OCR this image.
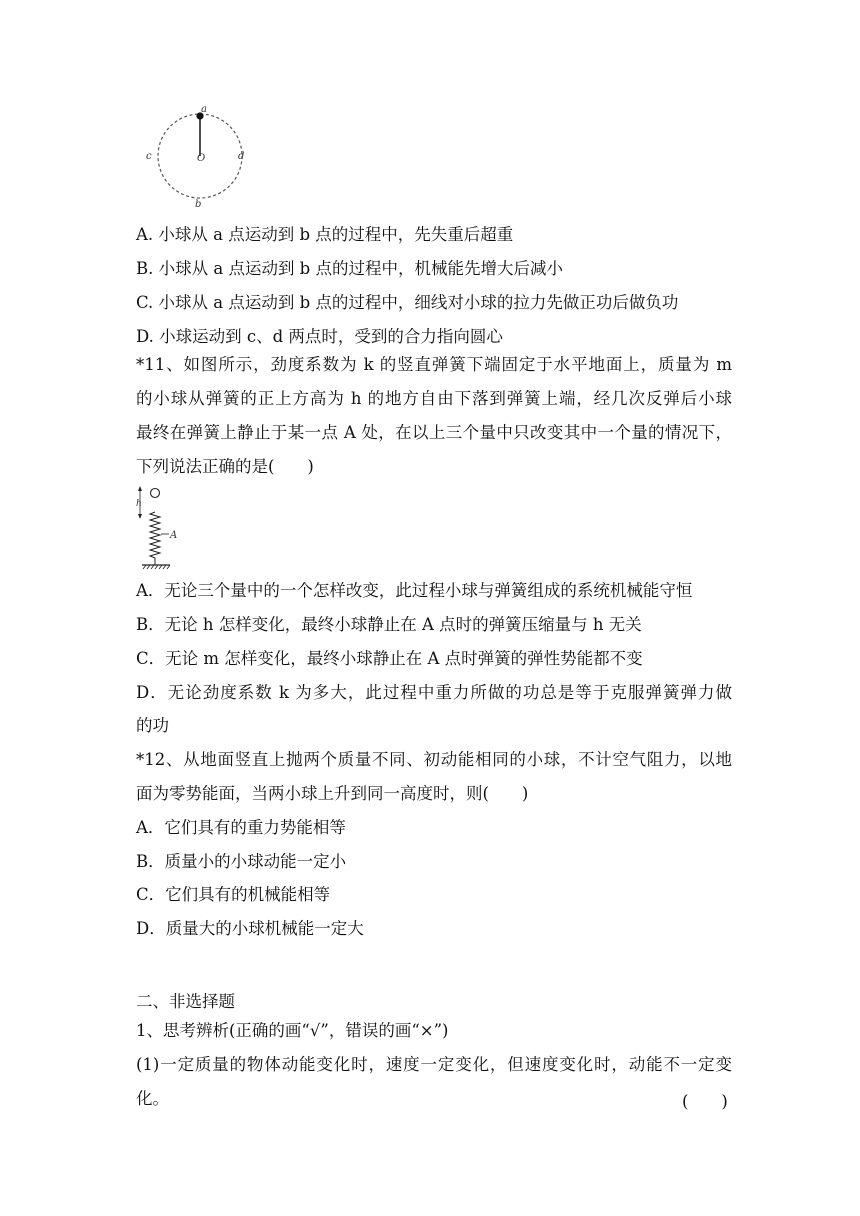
a
O
c	d
b
A. 小球从 a 点运动到 b 点的过程中，先失重后超重
B. 小球从 a 点运动到 b 点的过程中，机械能先增大后减小
C. 小球从 a 点运动到 b 点的过程中，细线对小球的拉力先做正功后做负功
D. 小球运动到 c、d 两点时，受到的合力指向圆心
*11、如图所示，劲度系数为 k 的竖直弹簧下端固定于水平地面上，质量为 m
的小球从弹簧的正上方高为 h 的地方自由下落到弹簧上端，经几次反弹后小球
最终在弹簧上静止于某一点 A 处，在以上三个量中只改变其中一个量的情况下，
下列说法正确的是(　　)
h
A
A．无论三个量中的一个怎样改变，此过程小球与弹簧组成的系统机械能守恒
B．无论 h 怎样变化，最终小球静止在 A 点时的弹簧压缩量与 h 无关
C．无论 m 怎样变化，最终小球静止在 A 点时弹簧的弹性势能都不变
D．无论劲度系数 k 为多大，此过程中重力所做的功总是等于克服弹簧弹力做
的功
*12、从地面竖直上抛两个质量不同、初动能相同的小球，不计空气阻力，以地
面为零势能面，当两小球上升到同一高度时，则(　　)
A．它们具有的重力势能相等
B．质量小的小球动能一定小
C．它们具有的机械能相等
D．质量大的小球机械能一定大
二、非选择题
1、思考辨析(正确的画“√”，错误的画“×”)
(1)一定质量的物体动能变化时，速度一定变化，但速度变化时，动能不一定变
化。	(　　)
